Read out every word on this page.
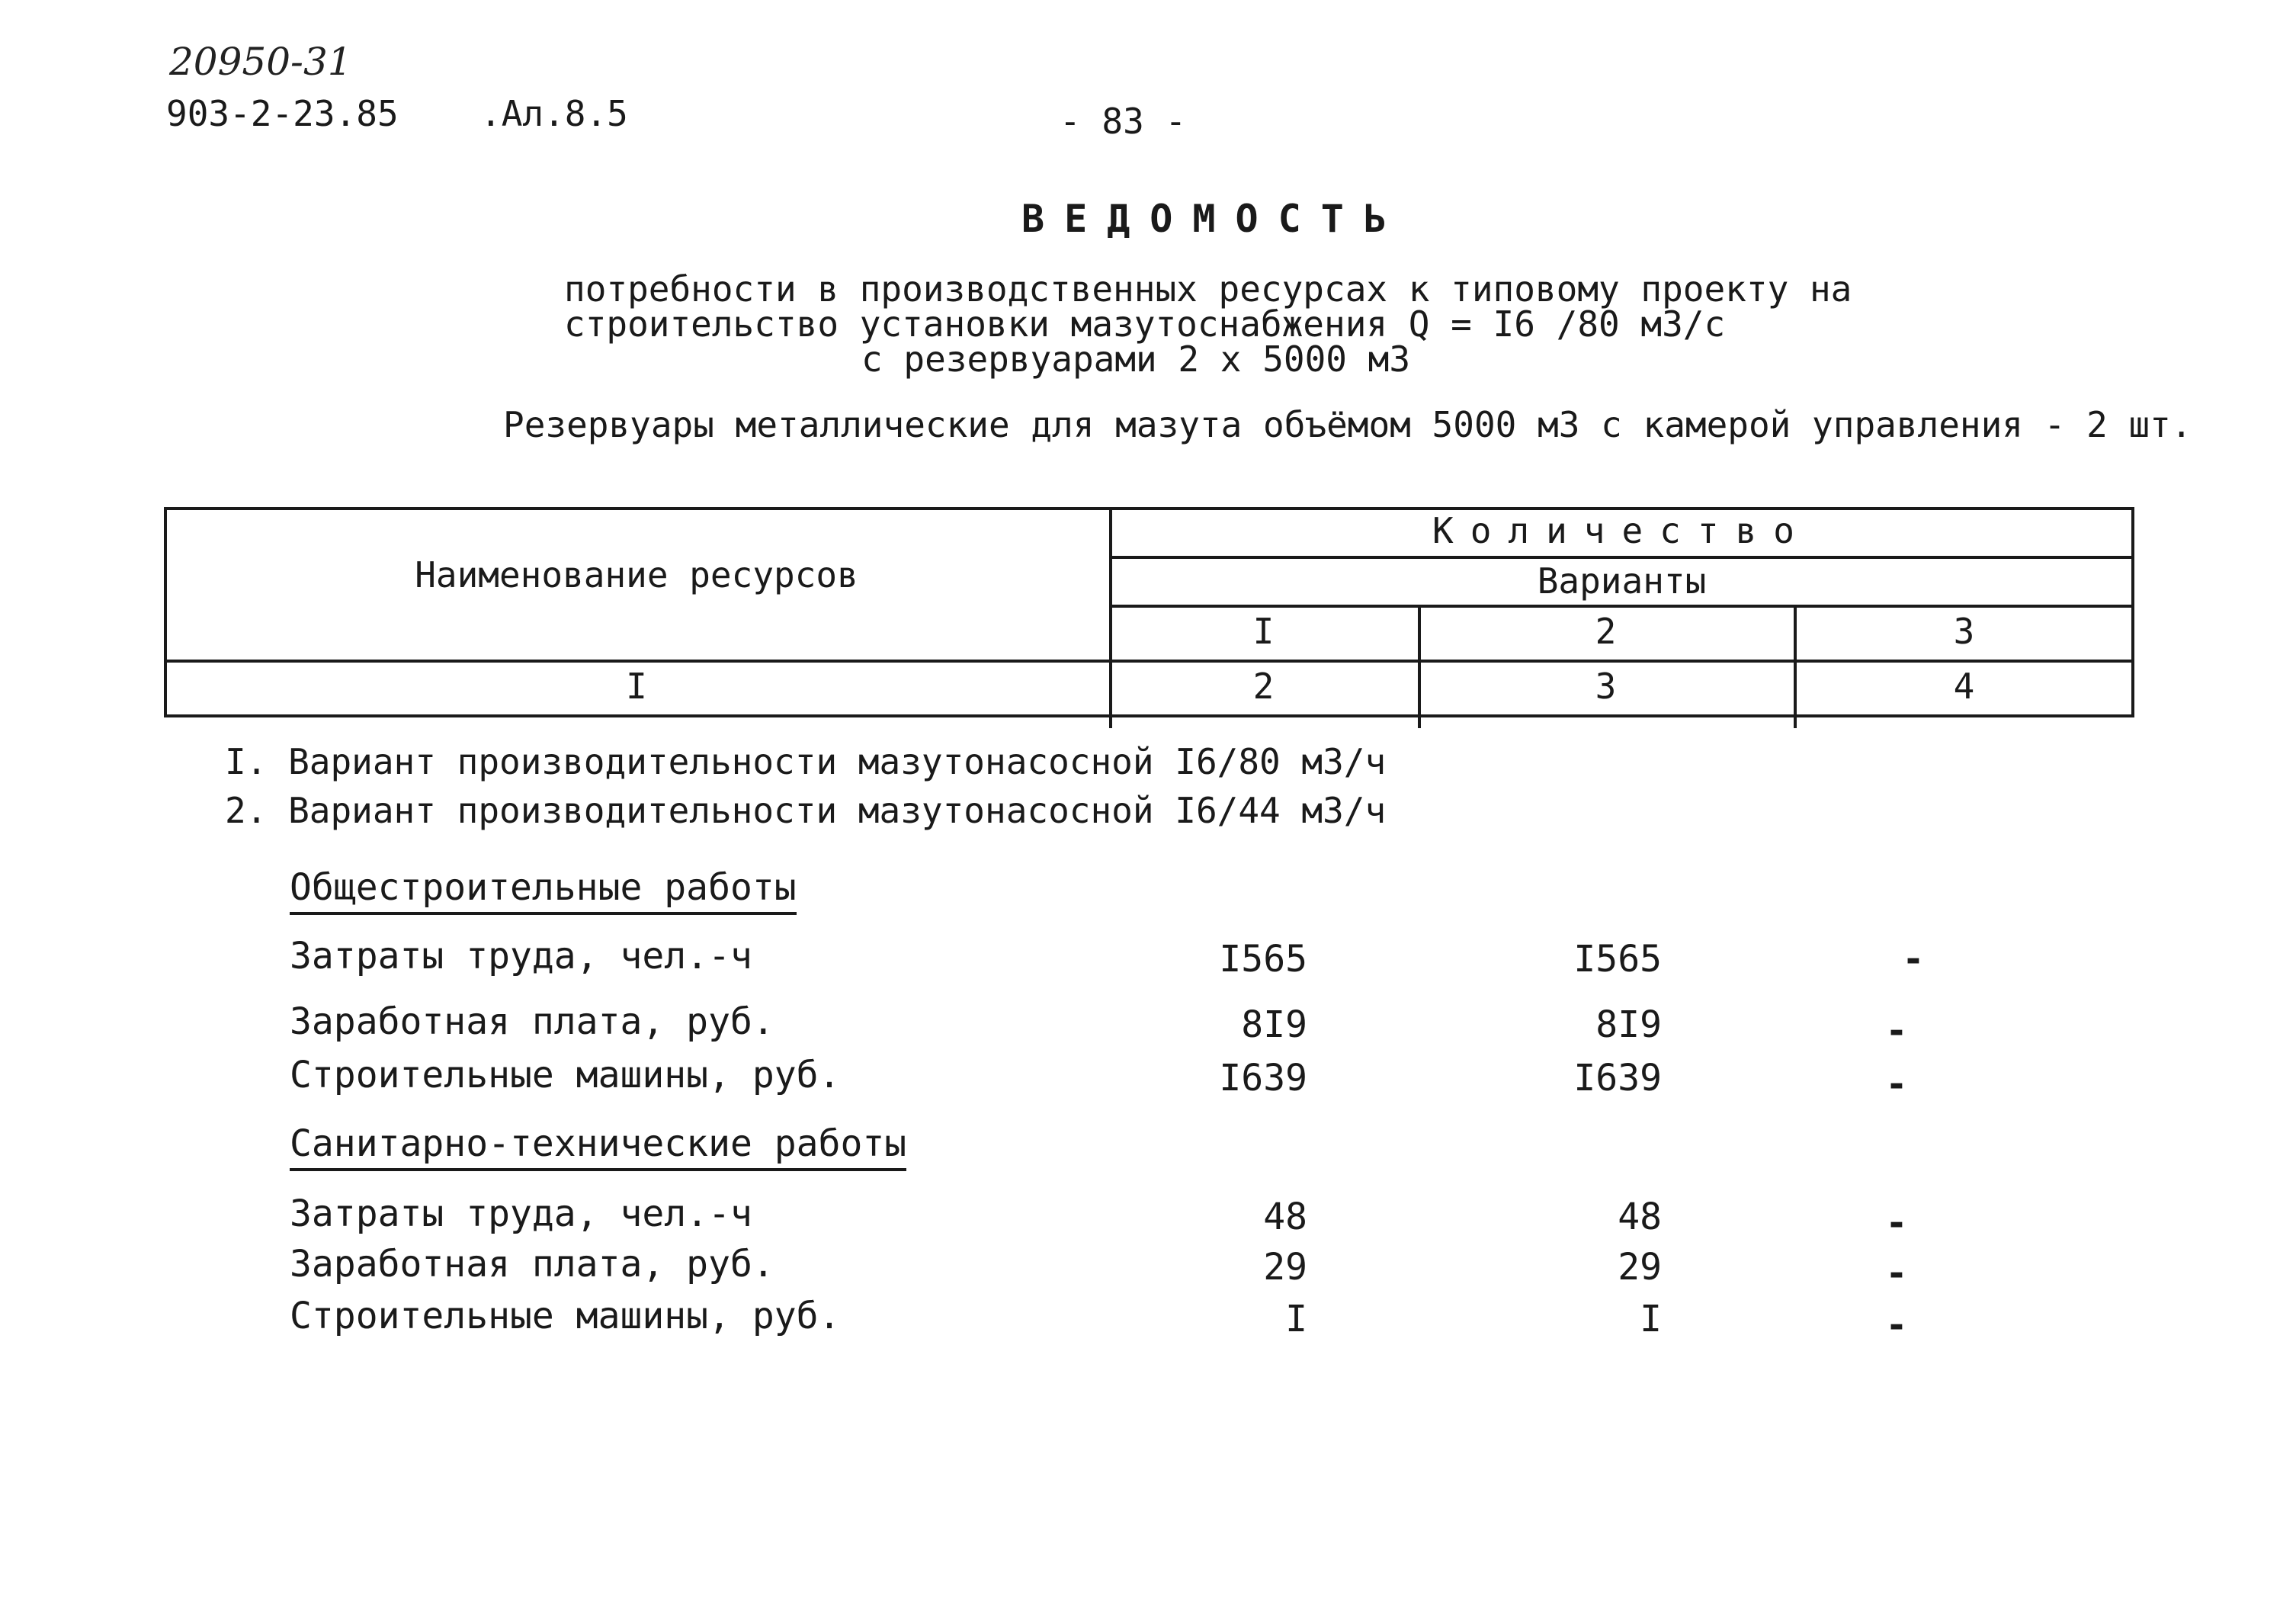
20950-31
903-2-23.85 .Ал.8.5	- 83 -
ВЕДОМОСТЬ
потребности в производственных ресурсах к типовому проекту на
строительство установки мазутоснабжения Q = I6 /80 м3/с
с резервуарами 2 х 5000 м3
Резервуары металлические для мазута объёмом 5000 м3 с камерой управления - 2 шт.
Наименование ресурсов
Количество
Варианты
I	2	3
I	2	3	4
I. Вариант производительности мазутонасосной I6/80 м3/ч
2. Вариант производительности мазутонасосной I6/44 м3/ч
Общестроительные работы
Затраты труда, чел.-ч	I565	I565	-
Заработная плата, руб.	8I9	8I9	-
Строительные машины, руб.	I639	I639	-
Санитарно-технические работы
Затраты труда, чел.-ч	48	48	-
Заработная плата, руб.	29	29	-
Строительные машины, руб.	I	I	-
